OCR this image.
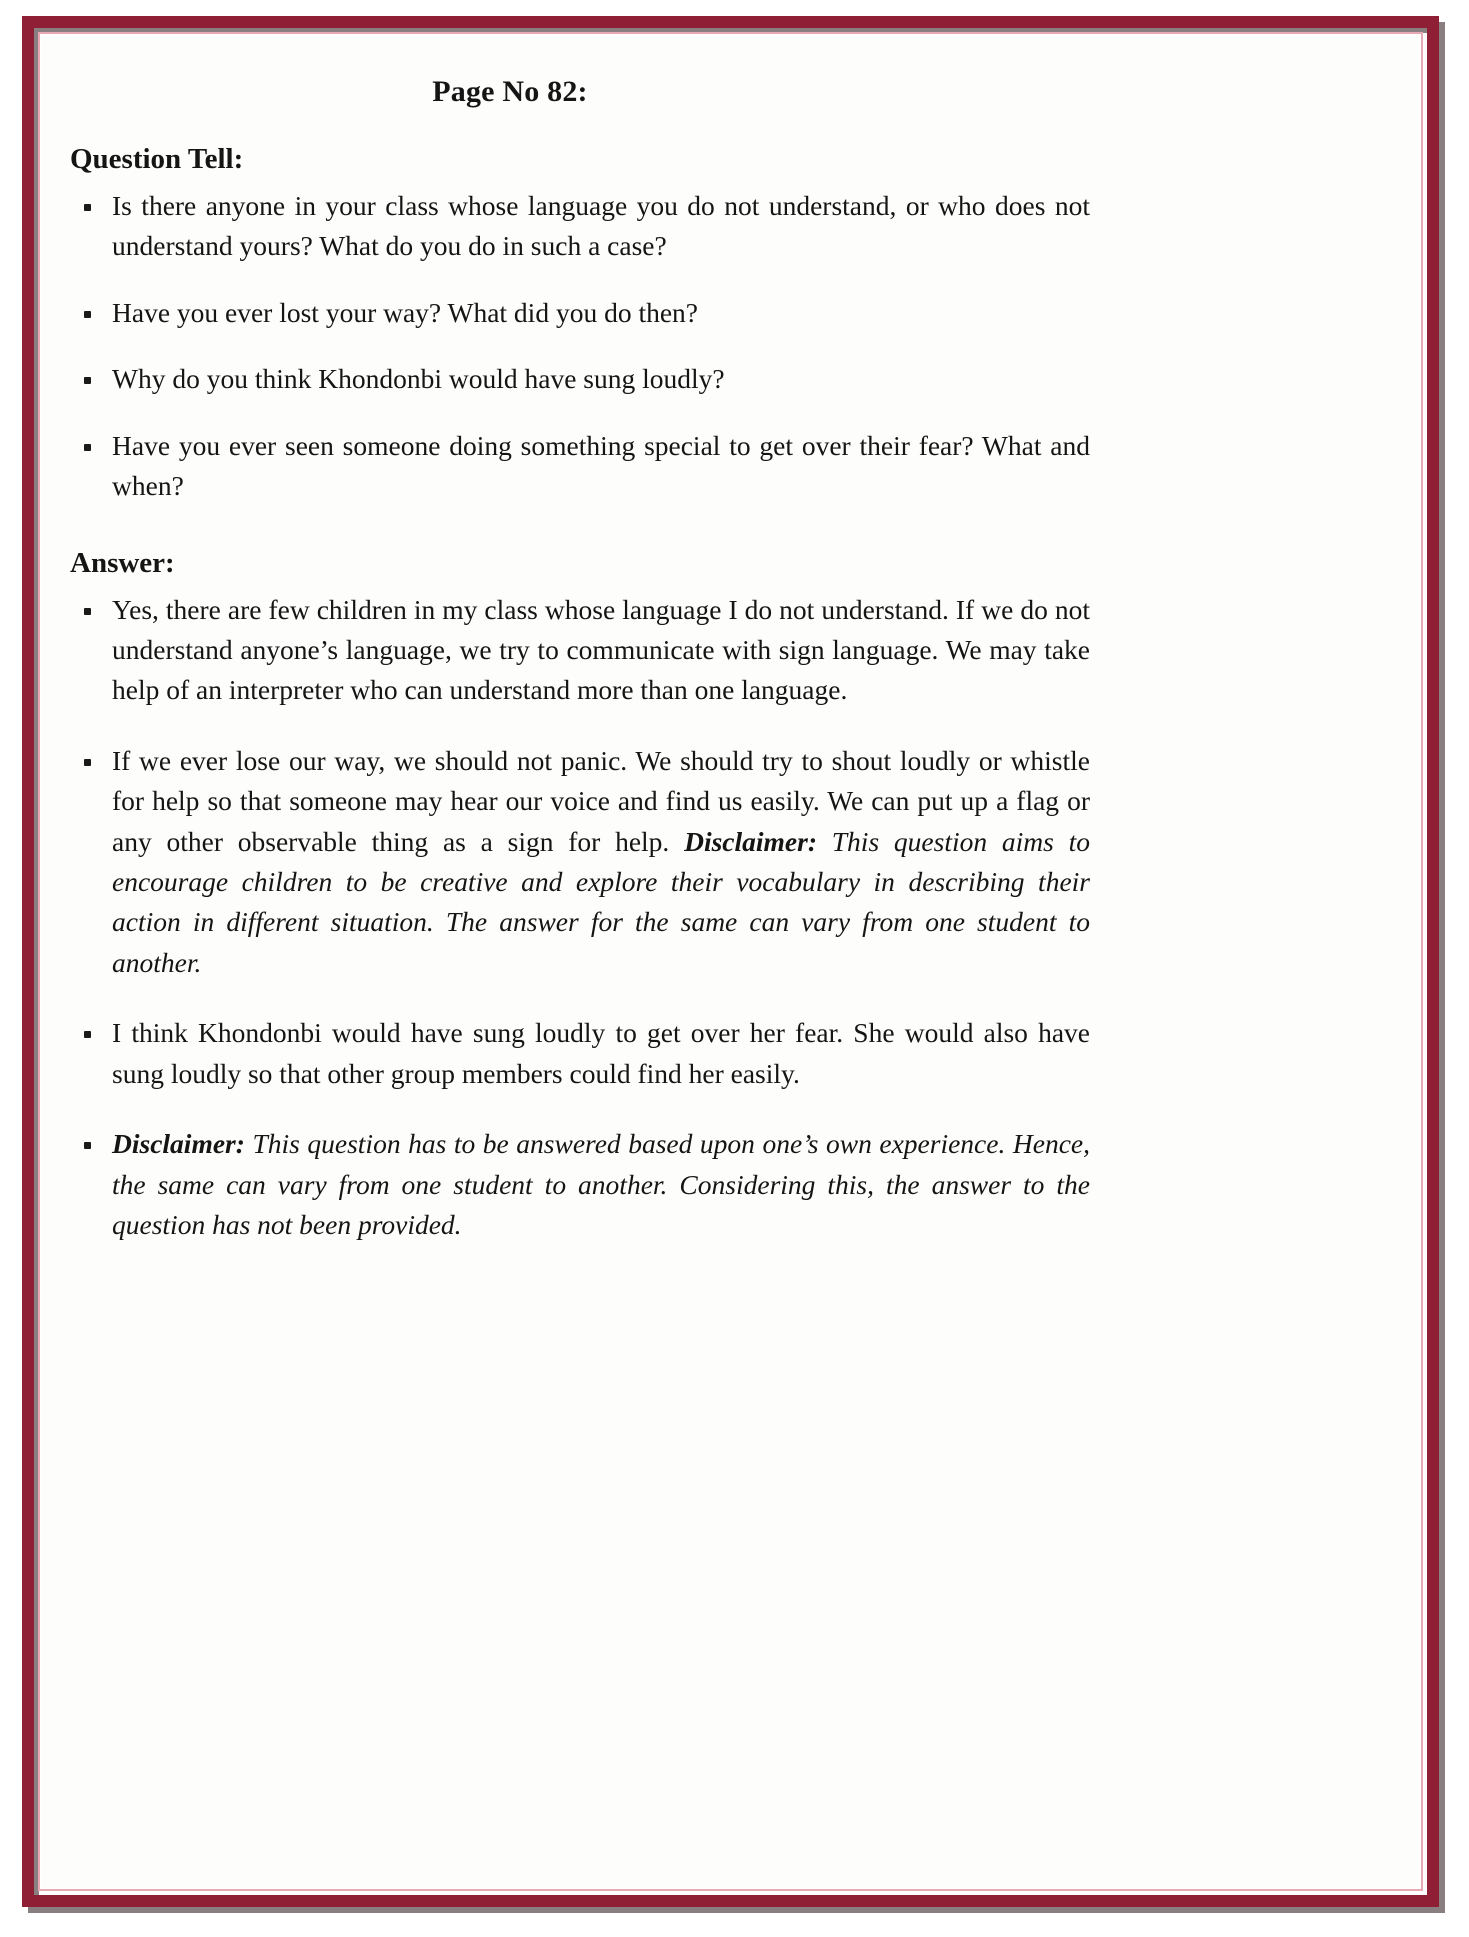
Page No 82:
Question Tell:
Is there anyone in your class whose language you do not understand, or who does not understand yours? What do you do in such a case?
Have you ever lost your way? What did you do then?
Why do you think Khondonbi would have sung loudly?
Have you ever seen someone doing something special to get over their fear? What and when?
Answer:
Yes, there are few children in my class whose language I do not understand. If we do not understand anyone’s language, we try to communicate with sign language. We may take help of an interpreter who can understand more than one language.
If we ever lose our way, we should not panic. We should try to shout loudly or whistle for help so that someone may hear our voice and find us easily. We can put up a flag or any other observable thing as a sign for help. Disclaimer: This question aims to encourage children to be creative and explore their vocabulary in describing their action in different situation. The answer for the same can vary from one student to another.
I think Khondonbi would have sung loudly to get over her fear. She would also have sung loudly so that other group members could find her easily.
Disclaimer: This question has to be answered based upon one’s own experience. Hence, the same can vary from one student to another. Considering this, the answer to the question has not been provided.
